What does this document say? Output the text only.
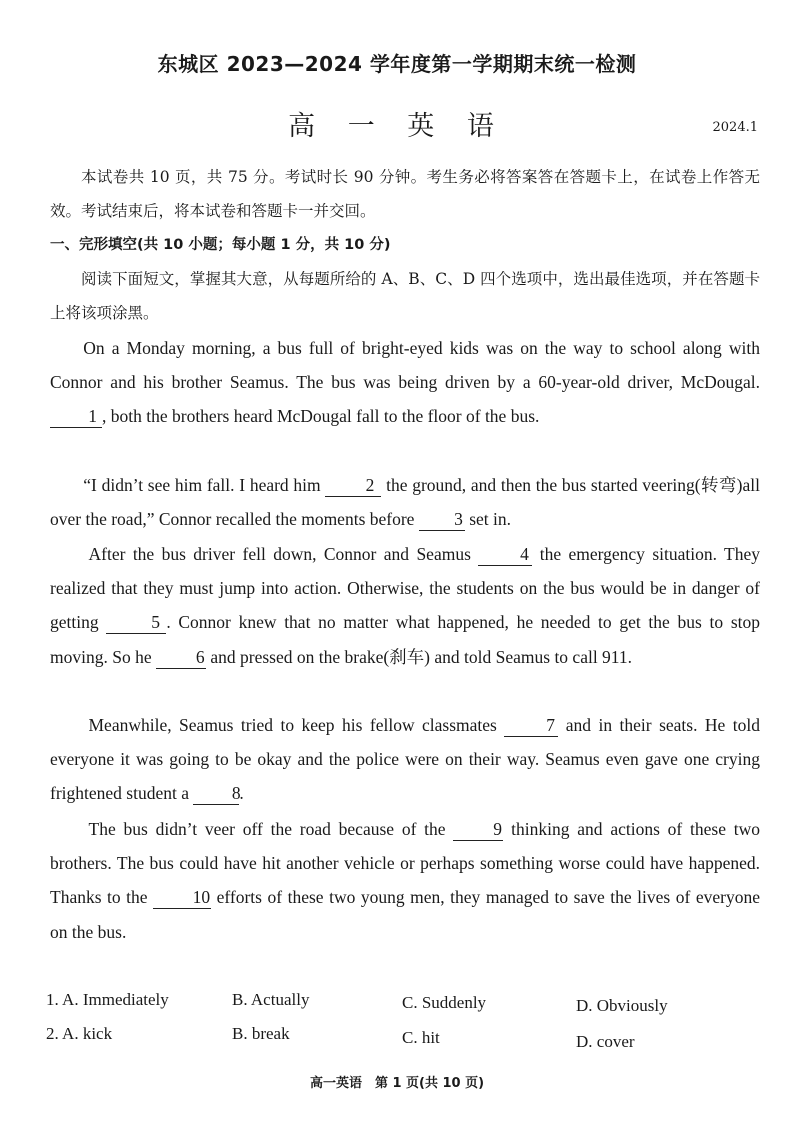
东城区 2023—2024 学年度第一学期期末统一检测
高 一 英 语	2024.1

本试卷共 10 页，共 75 分。考试时长 90 分钟。考生务必将答案答在答题卡上，在试卷上作答无效。考试结束后，将本试卷和答题卡一并交回。

一、完形填空(共 10 小题；每小题 1 分，共 10 分)

阅读下面短文，掌握其大意，从每题所给的 A、B、C、D 四个选项中，选出最佳选项，并在答题卡上将该项涂黑。

On a Monday morning, a bus full of bright-eyed kids was on the way to school along with Connor and his brother Seamus. The bus was being driven by a 60-year-old driver, McDougal. 1 , both the brothers heard McDougal fall to the floor of the bus.

“I didn’t see him fall. I heard him	2 the ground, and then the bus started veering(转弯)all over the road,” Connor recalled the moments before 3 set in.

After the bus driver fell down, Connor and Seamus	4 the emergency situation. They realized that they must jump into action. Otherwise, the students on the bus would be in danger of getting	5 . Connor knew that no matter what happened, he needed to get the bus to stop moving. So he	6 and pressed on the brake(刹车) and told Seamus to call 911.

Meanwhile, Seamus tried to keep his fellow classmates	7 and in their seats. He told everyone it was going to be okay and the police were on their way. Seamus even gave one crying frightened student a 8.

The bus didn’t veer off the road because of the	9 thinking and actions of these two brothers. The bus could have hit another vehicle or perhaps something worse could have happened. Thanks to the	10 efforts of these two young men, they managed to save the lives of everyone on the bus.

1. A. Immediately	B. Actually	C. Suddenly	D. Obviously
2. A. kick	B. break	C. hit	D. cover
高一英语　第 1 页(共 10 页)
